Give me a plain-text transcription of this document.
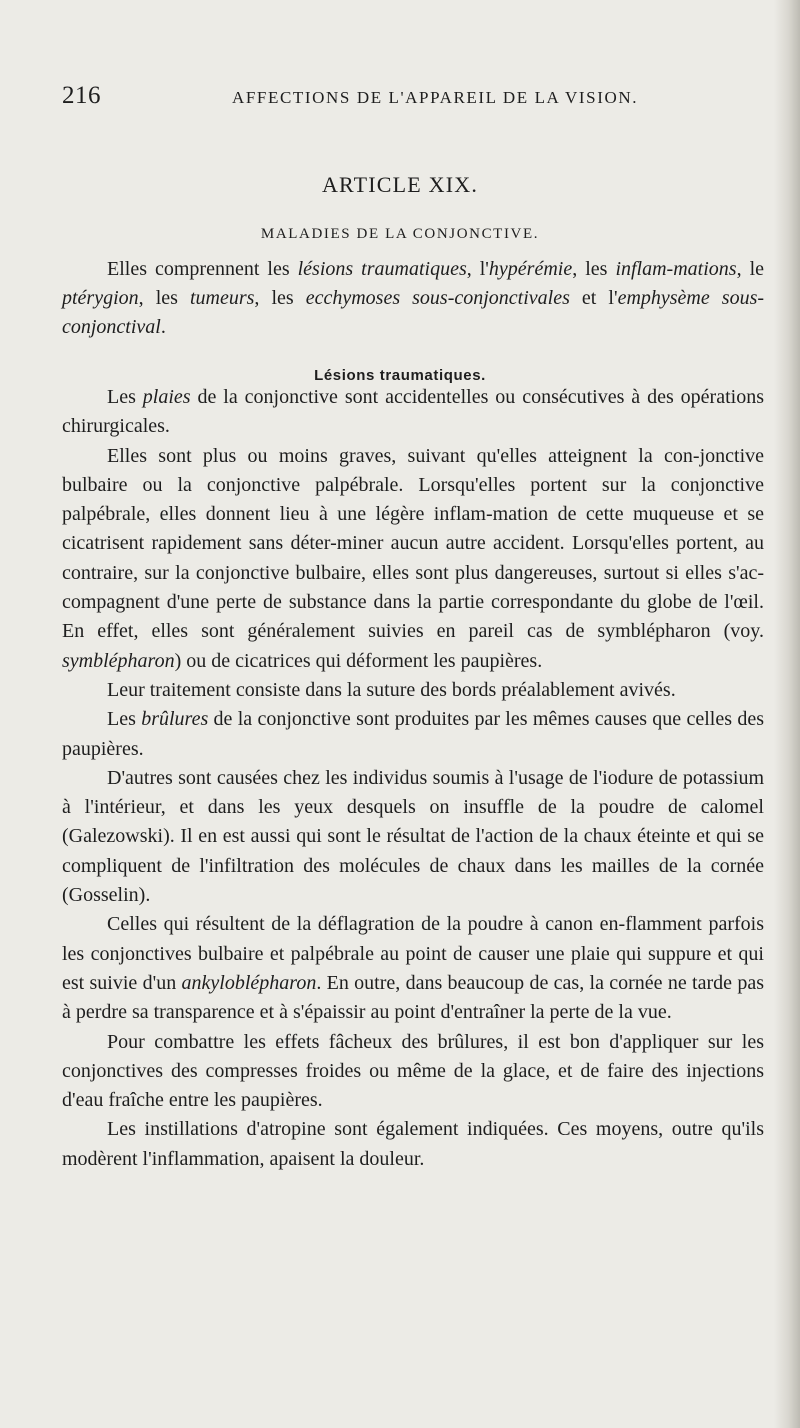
216	AFFECTIONS DE L'APPAREIL DE LA VISION.
ARTICLE XIX.
MALADIES DE LA CONJONCTIVE.

Elles comprennent les lésions traumatiques, l'hypérémie, les inflam-mations, le ptérygion, les tumeurs, les ecchymoses sous-conjonctivales et l'emphysème sous-conjonctival.

Lésions traumatiques.

Les plaies de la conjonctive sont accidentelles ou consécutives à des opérations chirurgicales.

Elles sont plus ou moins graves, suivant qu'elles atteignent la con-jonctive bulbaire ou la conjonctive palpébrale. Lorsqu'elles portent sur la conjonctive palpébrale, elles donnent lieu à une légère inflam-mation de cette muqueuse et se cicatrisent rapidement sans déter-miner aucun autre accident. Lorsqu'elles portent, au contraire, sur la conjonctive bulbaire, elles sont plus dangereuses, surtout si elles s'ac-compagnent d'une perte de substance dans la partie correspondante du globe de l'œil. En effet, elles sont généralement suivies en pareil cas de symblépharon (voy. symblépharon) ou de cicatrices qui déforment les paupières.

Leur traitement consiste dans la suture des bords préalablement avivés.

Les brûlures de la conjonctive sont produites par les mêmes causes que celles des paupières.

D'autres sont causées chez les individus soumis à l'usage de l'iodure de potassium à l'intérieur, et dans les yeux desquels on insuffle de la poudre de calomel (Galezowski). Il en est aussi qui sont le résultat de l'action de la chaux éteinte et qui se compliquent de l'infiltration des molécules de chaux dans les mailles de la cornée (Gosselin).

Celles qui résultent de la déflagration de la poudre à canon en-flamment parfois les conjonctives bulbaire et palpébrale au point de causer une plaie qui suppure et qui est suivie d'un ankyloblépharon. En outre, dans beaucoup de cas, la cornée ne tarde pas à perdre sa transparence et à s'épaissir au point d'entraîner la perte de la vue.

Pour combattre les effets fâcheux des brûlures, il est bon d'appliquer sur les conjonctives des compresses froides ou même de la glace, et de faire des injections d'eau fraîche entre les paupières.

Les instillations d'atropine sont également indiquées. Ces moyens, outre qu'ils modèrent l'inflammation, apaisent la douleur.
